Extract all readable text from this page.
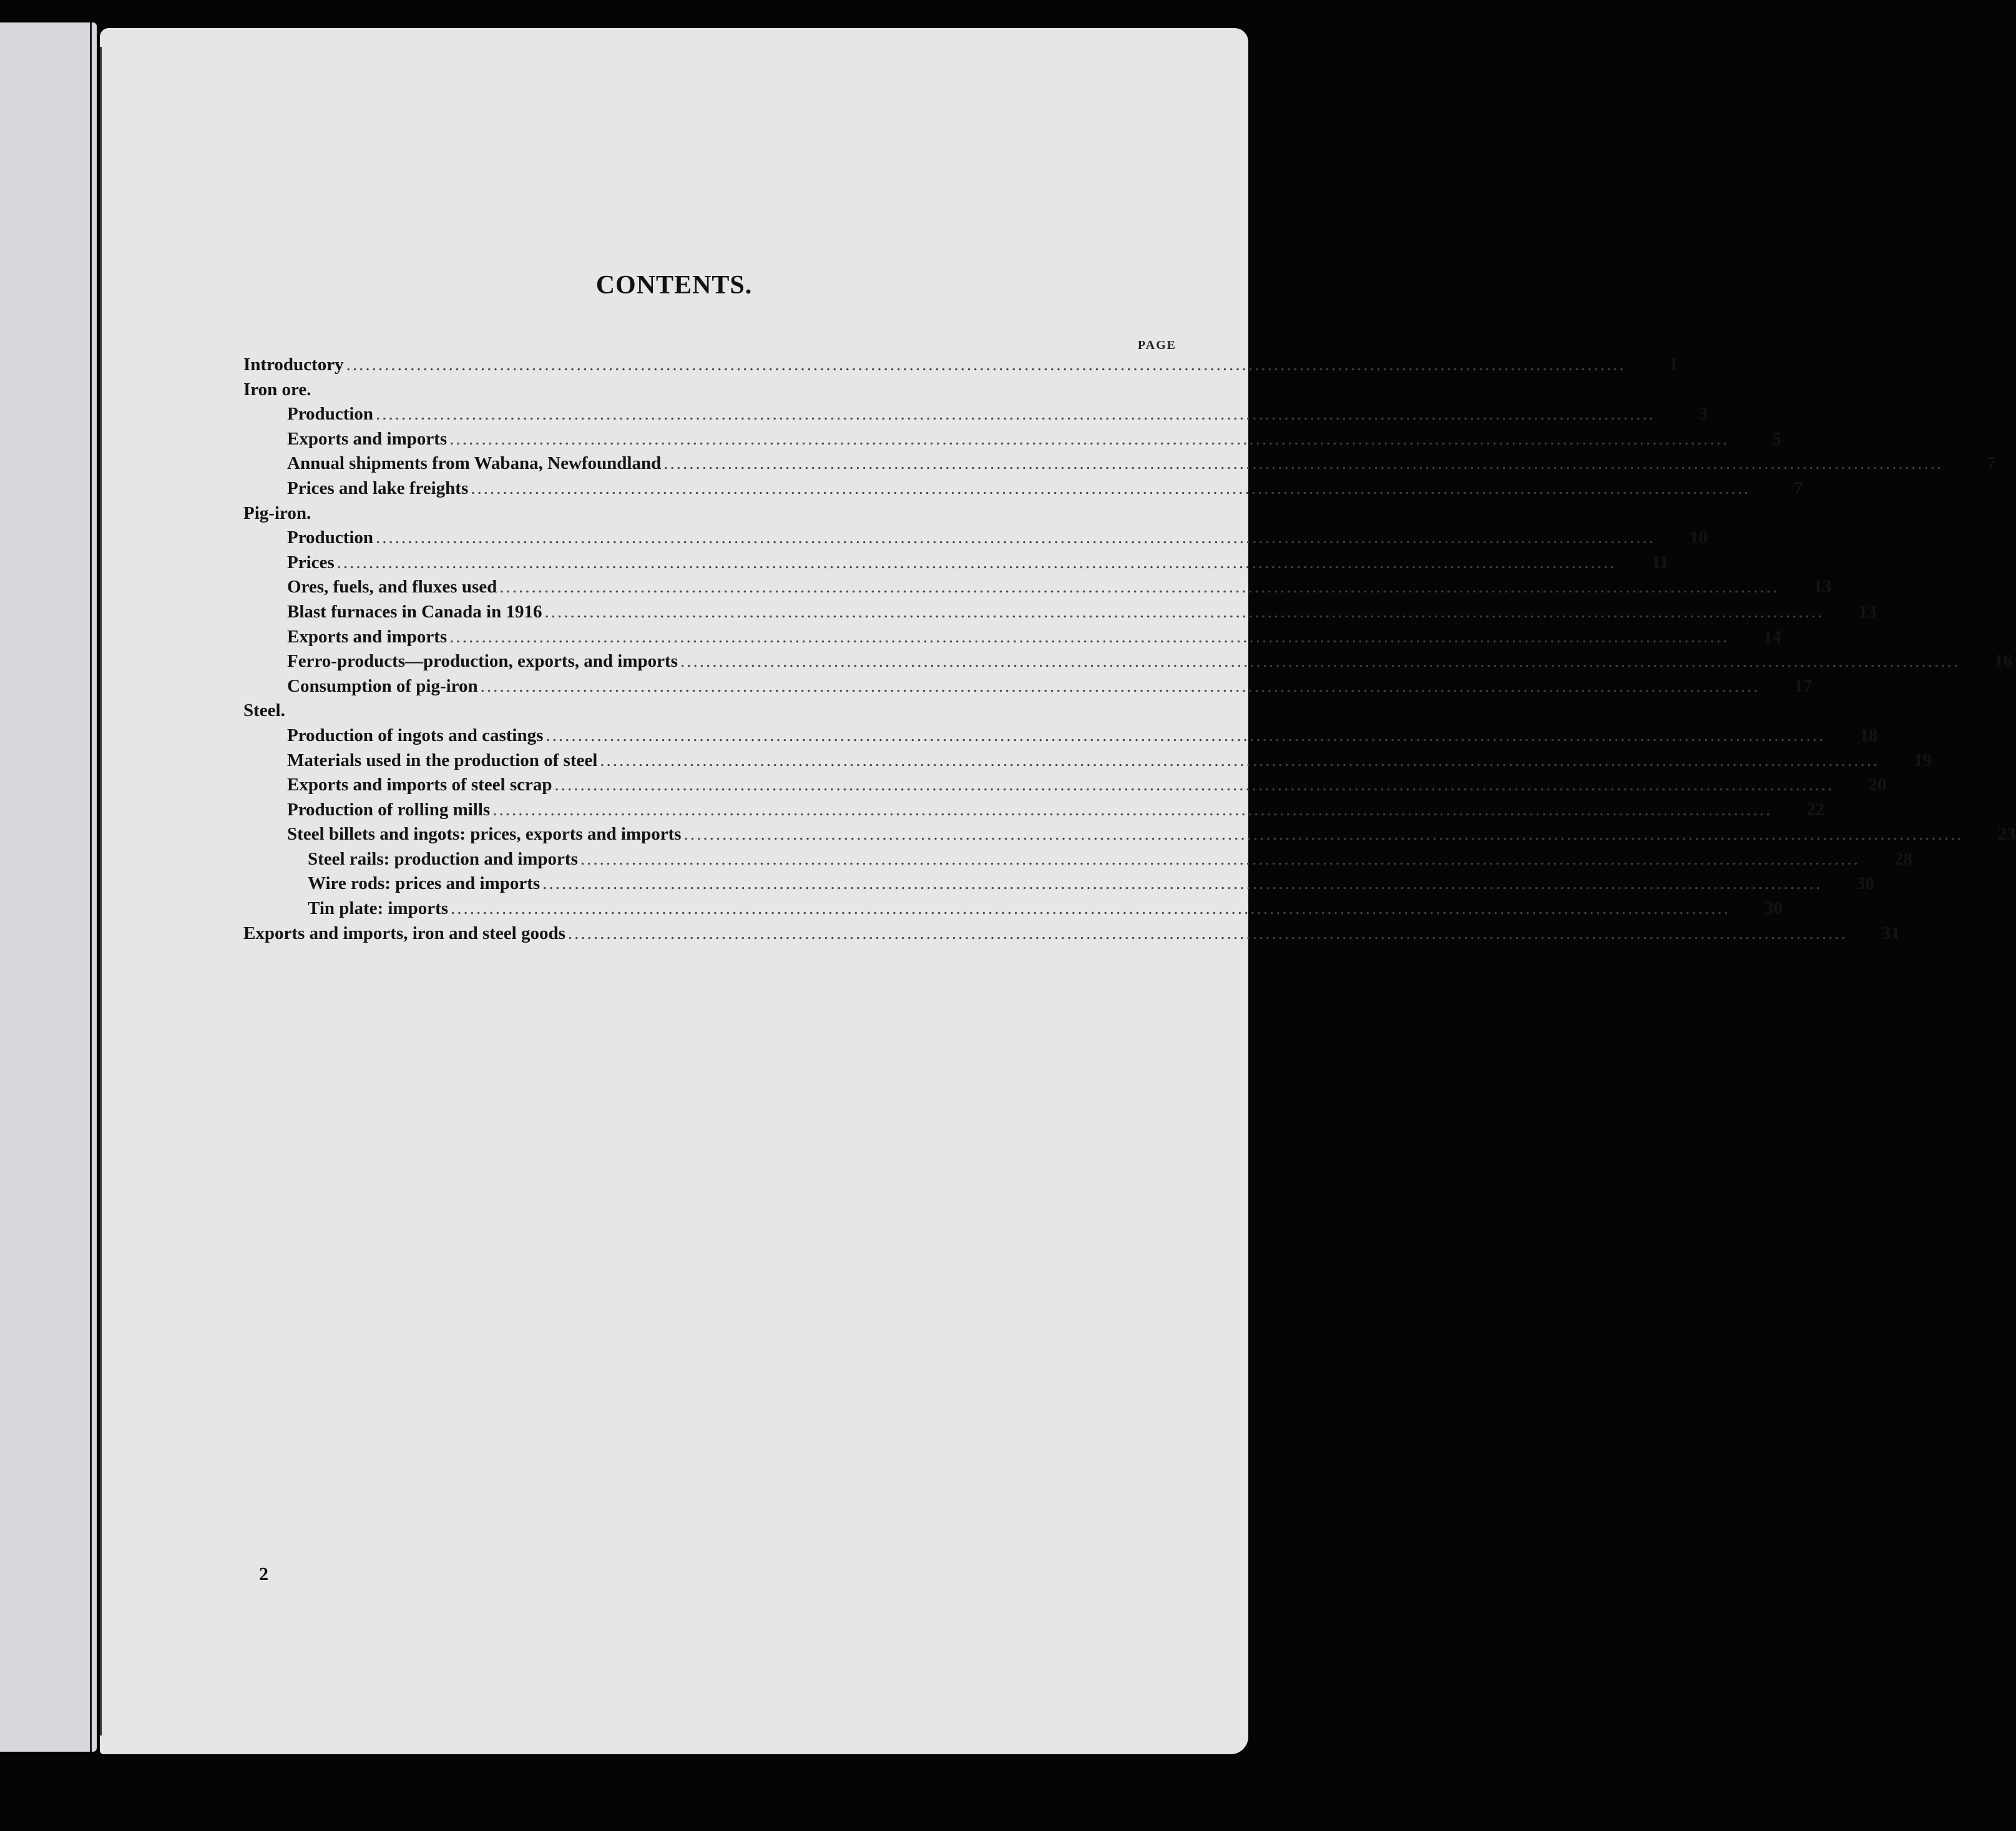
CONTENTS.
PAGE
Introductory ........................................................................................................................................................................................................	1
Iron ore.
Production ........................................................................................................................................................................................................	3
Exports and imports ........................................................................................................................................................................................................	5
Annual shipments from Wabana, Newfoundland ........................................................................................................................................................................................................	7
Prices and lake freights ........................................................................................................................................................................................................	7
Pig-iron.
Production ........................................................................................................................................................................................................	10
Prices ........................................................................................................................................................................................................	11
Ores, fuels, and fluxes used ........................................................................................................................................................................................................	13
Blast furnaces in Canada in 1916 ........................................................................................................................................................................................................	13
Exports and imports ........................................................................................................................................................................................................	14
Ferro-products—production, exports, and imports ........................................................................................................................................................................................................	16
Consumption of pig-iron ........................................................................................................................................................................................................	17
Steel.
Production of ingots and castings ........................................................................................................................................................................................................	18
Materials used in the production of steel ........................................................................................................................................................................................................	19
Exports and imports of steel scrap ........................................................................................................................................................................................................	20
Production of rolling mills ........................................................................................................................................................................................................	22
Steel billets and ingots: prices, exports and imports ........................................................................................................................................................................................................	23
Steel rails: production and imports ........................................................................................................................................................................................................	28
Wire rods: prices and imports ........................................................................................................................................................................................................	30
Tin plate: imports ........................................................................................................................................................................................................	30
Exports and imports, iron and steel goods ........................................................................................................................................................................................................	31
2
